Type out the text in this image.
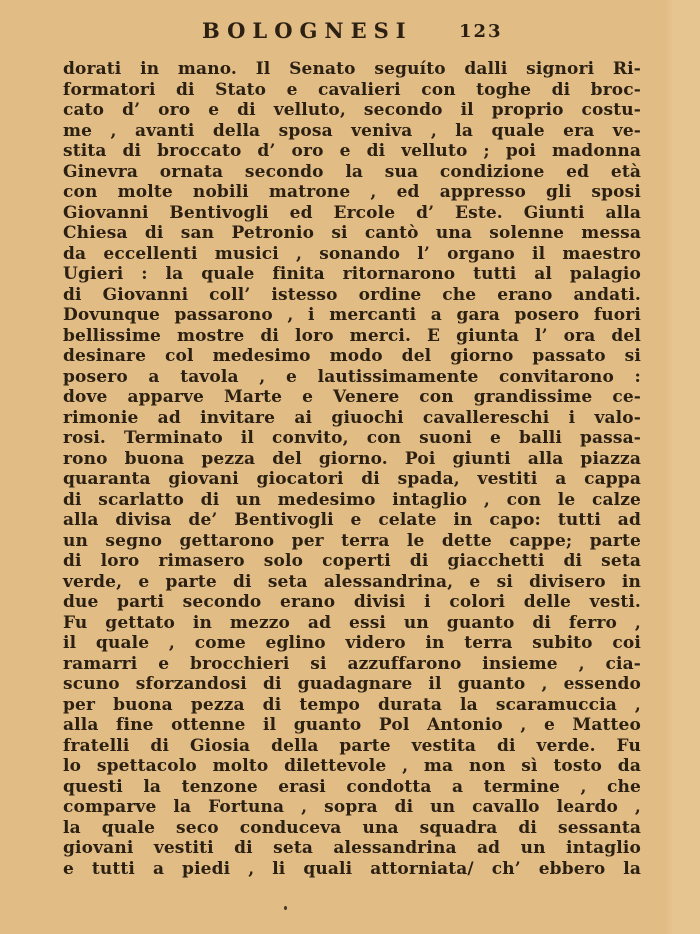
BOLOGNESI	123
dorati in mano. Il Senato seguíto dalli signori Ri-
formatori di Stato e cavalieri con toghe di broc-
cato d’ oro e di velluto, secondo il proprio costu-
me , avanti della sposa veniva , la quale era ve-
stita di broccato d’ oro e di velluto ; poi madonna
Ginevra ornata secondo la sua condizione ed età
con molte nobili matrone , ed appresso gli sposi
Giovanni Bentivogli ed Ercole d’ Este. Giunti alla
Chiesa di san Petronio si cantò una solenne messa
da eccellenti musici , sonando l’ organo il maestro
Ugieri : la quale finita ritornarono tutti al palagio
di Giovanni coll’ istesso ordine che erano andati.
Dovunque passarono , i mercanti a gara posero fuori
bellissime mostre di loro merci. E giunta l’ ora del
desinare col medesimo modo del giorno passato si
posero a tavola , e lautissimamente convitarono :
dove apparve Marte e Venere con grandissime ce-
rimonie ad invitare ai giuochi cavallereschi i valo-
rosi. Terminato il convito, con suoni e balli passa-
rono buona pezza del giorno. Poi giunti alla piazza
quaranta giovani giocatori di spada, vestiti a cappa
di scarlatto di un medesimo intaglio , con le calze
alla divisa de’ Bentivogli e celate in capo: tutti ad
un segno gettarono per terra le dette cappe; parte
di loro rimasero solo coperti di giacchetti di seta
verde, e parte di seta alessandrina, e si divisero in
due parti secondo erano divisi i colori delle vesti.
Fu gettato in mezzo ad essi un guanto di ferro ,
il quale , come eglino videro in terra subito coi
ramarri e brocchieri si azzuffarono insieme , cia-
scuno sforzandosi di guadagnare il guanto , essendo
per buona pezza di tempo durata la scaramuccia ,
alla fine ottenne il guanto Pol Antonio , e Matteo
fratelli di Giosia della parte vestita di verde. Fu
lo spettacolo molto dilettevole , ma non sì tosto da
questi la tenzone erasi condotta a termine , che
comparve la Fortuna , sopra di un cavallo leardo ,
la quale seco conduceva una squadra di sessanta
giovani vestiti di seta alessandrina ad un intaglio
e tutti a piedi , li quali attorniata/ ch’ ebbero la
